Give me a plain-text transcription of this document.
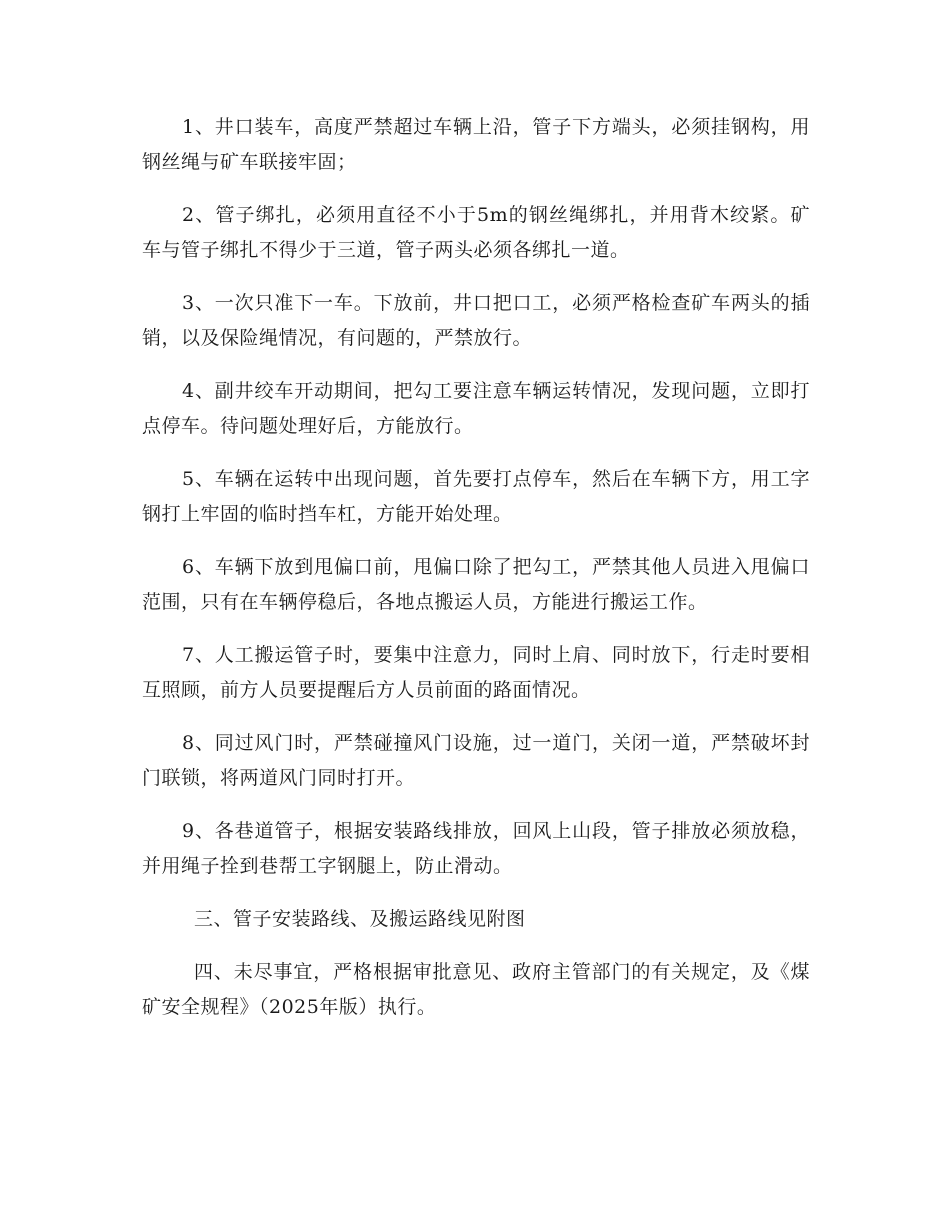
1、井口装车，高度严禁超过车辆上沿，管子下方端头，必须挂钢构，用钢丝绳与矿车联接牢固；

2、管子绑扎，必须用直径不小于5m的钢丝绳绑扎，并用背木绞紧。矿车与管子绑扎不得少于三道，管子两头必须各绑扎一道。

3、一次只准下一车。下放前，井口把口工，必须严格检查矿车两头的插销，以及保险绳情况，有问题的，严禁放行。

4、副井绞车开动期间，把勾工要注意车辆运转情况，发现问题，立即打点停车。待问题处理好后，方能放行。

5、车辆在运转中出现问题，首先要打点停车，然后在车辆下方，用工字钢打上牢固的临时挡车杠，方能开始处理。

6、车辆下放到甩偏口前，甩偏口除了把勾工，严禁其他人员进入甩偏口范围，只有在车辆停稳后，各地点搬运人员，方能进行搬运工作。

7、人工搬运管子时，要集中注意力，同时上肩、同时放下，行走时要相互照顾，前方人员要提醒后方人员前面的路面情况。

8、同过风门时，严禁碰撞风门设施，过一道门，关闭一道，严禁破坏封门联锁，将两道风门同时打开。

9、各巷道管子，根据安装路线排放，回风上山段，管子排放必须放稳，并用绳子拴到巷帮工字钢腿上，防止滑动。

三、管子安装路线、及搬运路线见附图

四、未尽事宜，严格根据审批意见、政府主管部门的有关规定，及《煤矿安全规程》（2025年版）执行。
